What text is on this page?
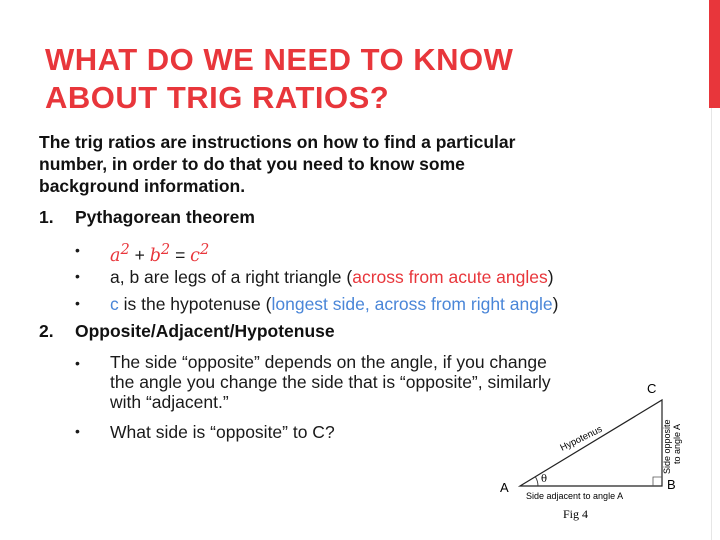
WHAT DO WE NEED TO KNOW
ABOUT TRIG RATIOS?
The trig ratios are instructions on how to find a particular
number, in order to do that you need to know some
background information.
1. Pythagorean theorem
• $a^2 + b^2 = c^2$
• a, b are legs of a right triangle (across from acute angles)
• c is the hypotenuse (longest side, across from right angle)
2. Opposite/Adjacent/Hypotenuse
• The side “opposite” depends on the angle, if you change
the angle you change the side that is “opposite”, similarly
with “adjacent.”
• What side is “opposite” to C?
θ
A	B
C
Hypotenus
Side adjacent to angle A
Side opposite to angle A
Fig 4
